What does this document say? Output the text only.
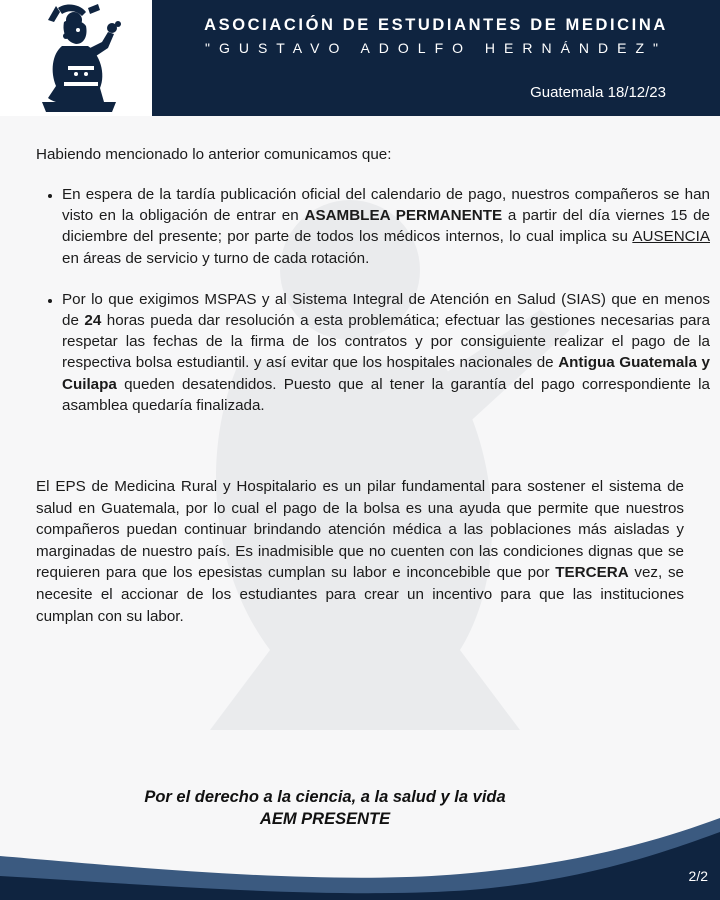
ASOCIACIÓN DE ESTUDIANTES DE MEDICINA
"GUSTAVO ADOLFO HERNÁNDEZ"
Guatemala 18/12/23
Habiendo mencionado lo anterior comunicamos que:
• En espera de la tardía publicación oficial del calendario de pago, nuestros compañeros se han visto en la obligación de entrar en ASAMBLEA PERMANENTE a partir del día viernes 15 de diciembre del presente; por parte de todos los médicos internos, lo cual implica su AUSENCIA en áreas de servicio y turno de cada rotación.
• Por lo que exigimos MSPAS y al Sistema Integral de Atención en Salud (SIAS) que en menos de 24 horas pueda dar resolución a esta problemática; efectuar las gestiones necesarias para respetar las fechas de la firma de los contratos y por consiguiente realizar el pago de la respectiva bolsa estudiantil. y así evitar que los hospitales nacionales de Antigua Guatemala y Cuilapa queden desatendidos. Puesto que al tener la garantía del pago correspondiente la asamblea quedaría finalizada.
El EPS de Medicina Rural y Hospitalario es un pilar fundamental para sostener el sistema de salud en Guatemala, por lo cual el pago de la bolsa es una ayuda que permite que nuestros compañeros puedan continuar brindando atención médica a las poblaciones más aisladas y marginadas de nuestro país. Es inadmisible que no cuenten con las condiciones dignas que se requieren para que los epesistas cumplan su labor e inconcebible que por TERCERA vez, se necesite el accionar de los estudiantes para crear un incentivo para que las instituciones cumplan con su labor.
Por el derecho a la ciencia, a la salud y la vida
AEM PRESENTE
2/2
